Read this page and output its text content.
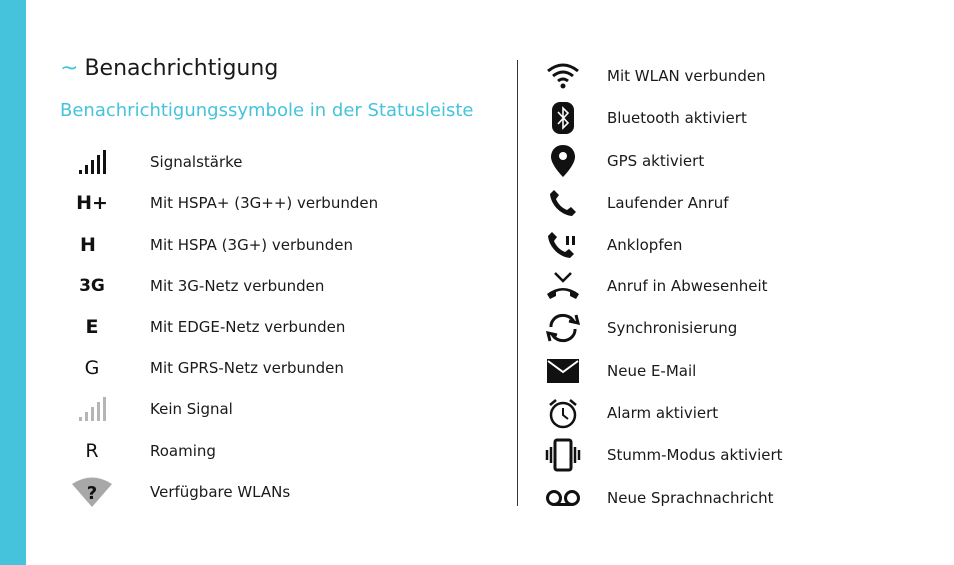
~ Benachrichtigung
Benachrichtigungssymbole in der Statusleiste
Signalstärke
H+	Mit HSPA+ (3G++) verbunden
H	Mit HSPA (3G+) verbunden
3G	Mit 3G-Netz verbunden
E	Mit EDGE-Netz verbunden
G	Mit GPRS-Netz verbunden
Kein Signal
R	Roaming
?	Verfügbare WLANs
Mit WLAN verbunden
Bluetooth aktiviert
GPS aktiviert
Laufender Anruf
Anklopfen
Anruf in Abwesenheit
Synchronisierung
Neue E-Mail
Alarm aktiviert
Stumm-Modus aktiviert
Neue Sprachnachricht
